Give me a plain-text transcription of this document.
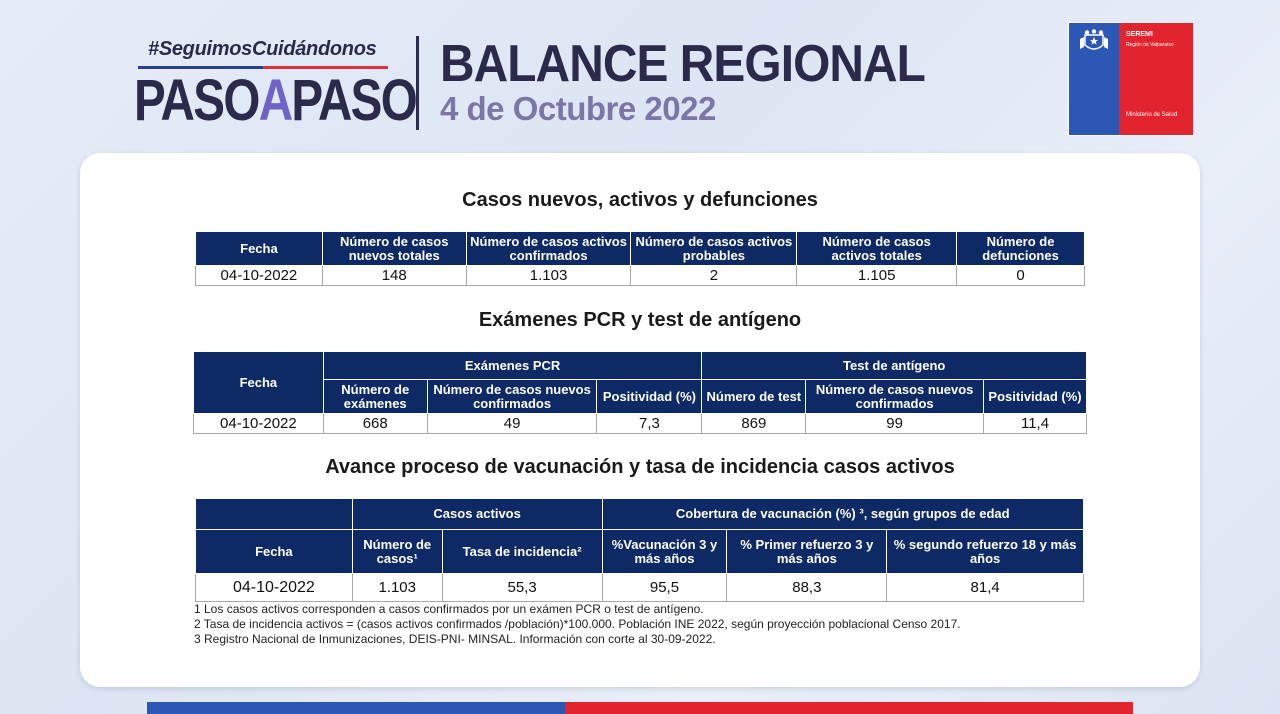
#SeguimosCuidándonos
PASOAPASO
BALANCE REGIONAL
4 de Octubre 2022
SEREMI
Región de Valparaíso
Ministerio de Salud
Casos nuevos, activos y defunciones
Fecha	Número de casos nuevos totales	Número de casos activos confirmados	Número de casos activos probables	Número de casos activos totales	Número de defunciones
04-10-2022	148	1.103	2	1.105	0
Exámenes PCR y test de antígeno
Fecha	Exámenes PCR			Test de antígeno		
	Número de exámenes	Número de casos nuevos confirmados	Positividad (%)	Número de test	Número de casos nuevos confirmados	Positividad (%)
04-10-2022	668	49	7,3	869	99	11,4
Avance proceso de vacunación y tasa de incidencia casos activos
	Casos activos		Cobertura de vacunación (%) ³, según grupos de edad		
Fecha	Número de casos¹	Tasa de incidencia²	%Vacunación 3 y más años	% Primer refuerzo 3 y más años	% segundo refuerzo 18 y más años
04-10-2022	1.103	55,3	95,5	88,3	81,4
1 Los casos activos corresponden a casos confirmados por un exámen PCR o test de antígeno.
2 Tasa de incidencia activos = (casos activos confirmados /población)*100.000. Población INE 2022, según proyección poblacional Censo 2017.
3 Registro Nacional de Inmunizaciones, DEIS-PNI- MINSAL. Información con corte al 30-09-2022.
